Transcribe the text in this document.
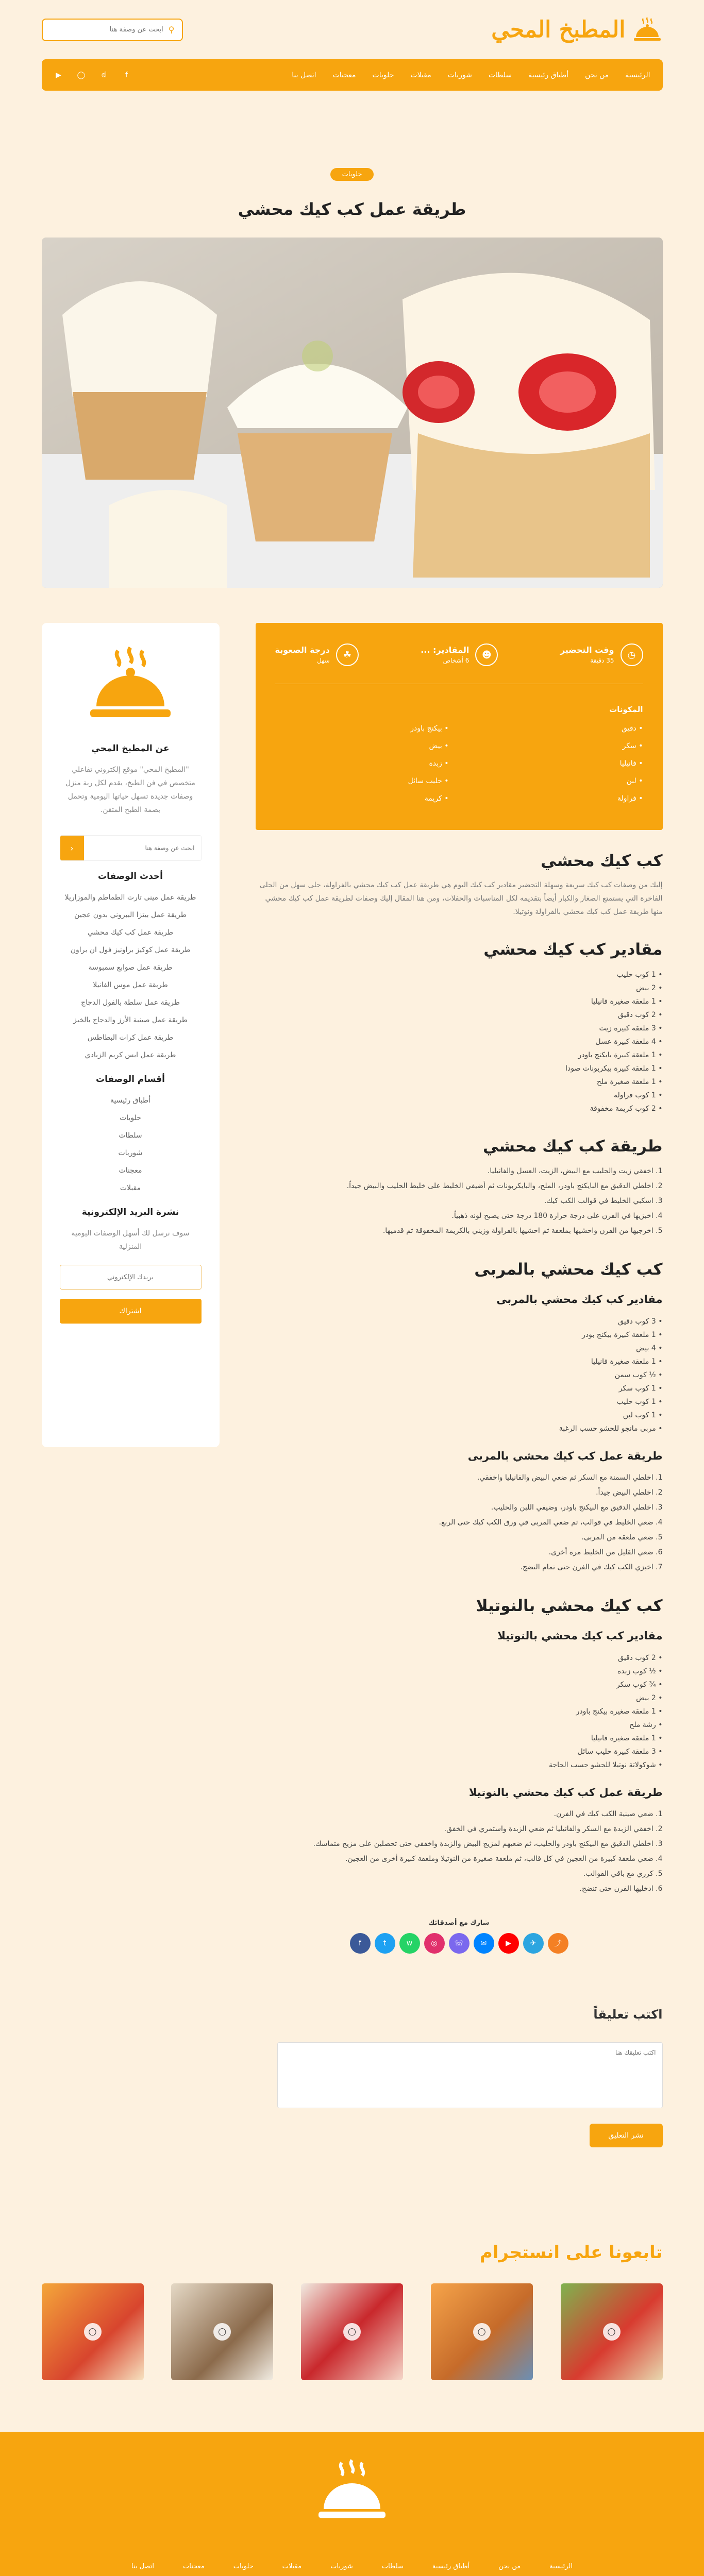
المطبخ المحي
⚲
ابحث عن وصفة هنا
الرئيسية
من نحن
أطباق رئيسية
سلطات
شوربات
مقبلات
حلويات
معجنات
اتصل بنا
f
𝕕
◯
▶
حلويات
طريقة عمل كب كيك محشي
◷
وقت التحضير
35 دقيقة
☻
المقادير: ...
6 أشخاص
☘
درجة الصعوبة
سهل
المكونات
• دقيق
• بيكنج باودر
• سكر
• بيض
• فانيليا
• زبدة
• لبن
• حليب سائل
• فراولة
• كريمة
كب كيك محشي

إليك من وصفات كب كيك سريعة وسهلة التحضير مقادير كب كيك اليوم هي طريقة عمل كب كيك محشي بالفراولة، حلى سهل من الحلى الفاخرة التي يستمتع الصغار والكبار أيضاً بتقديمه لكل المناسبات والحفلات، ومن هنا المقال إليك وصفات لطريقة عمل كب كيك محشي منها طريقة عمل كب كيك محشي بالفراولة ونوتيلا.

مقادير كب كيك محشي
• 1 كوب حليب
• 2 بيض
• 1 ملعقة صغيرة فانيليا
• 2 كوب دقيق
• 3 ملعقة كبيرة زيت
• 4 ملعقة كبيرة عسل
• 1 ملعقة كبيرة بايكنج باودر
• 1 ملعقة كبيرة بيكربونات صودا
• 1 ملعقة صغيرة ملح
• 1 كوب فراولة
• 2 كوب كريمة مخفوقة
طريقة كب كيك محشي
1. اخفقي زيت والحليب مع البيض، الزيت، العسل والفانيليا.
2. اخلطي الدقيق مع البايكنج باودر، الملح، والبايكربونات ثم أضيفي الخليط على خليط الحليب والبيض جيداً.
3. اسكبي الخليط في قوالب الكب كيك.
4. اخبزيها في الفرن على درجة حرارة 180 درجة حتى يصبح لونه ذهبياً.
5. اخرجيها من الفرن واحشيها بملعقة ثم احشيها بالفراولة وزيني بالكريمة المخفوقة ثم قدميها.
كب كيك محشي بالمربى
مقادير كب كيك محشي بالمربى
• 3 كوب دقيق
• 1 ملعقة كبيرة بيكنج بودر
• 4 بيض
• 1 ملعقة صغيرة فانيليا
• ½ كوب سمن
• 1 كوب سكر
• 1 كوب حليب
• 1 كوب لبن
• مربى مانجو للحشو حسب الرغبة
طريقة عمل كب كيك محشي بالمربى
1. اخلطي السمنة مع السكر ثم ضعي البيض والفانيليا واخفقي.
2. اخلطي البيض جيداً.
3. اخلطي الدقيق مع البيكنج باودر، وضيفي اللبن والحليب.
4. ضعي الخليط في قوالب، ثم ضعي المربى في ورق الكب كيك حتى الربع.
5. ضعي ملعقة من المربى.
6. ضعي القليل من الخليط مرة أخرى.
7. اخبزي الكب كيك في الفرن حتى تمام النضج.
كب كيك محشي بالنوتيلا
مقادير كب كيك محشي بالنوتيلا
• 2 كوب دقيق
• ½ كوب زبدة
• ¾ كوب سكر
• 2 بيض
• 1 ملعقة صغيرة بيكنج باودر
• رشة ملح
• 1 ملعقة صغيرة فانيليا
• 3 ملعقة كبيرة حليب سائل
• شوكولاتة نوتيلا للحشو حسب الحاجة
طريقة عمل كب كيك محشي بالنوتيلا
1. ضعي صينية الكب كيك في الفرن.
2. اخفقي الزبدة مع السكر والفانيليا ثم ضعي الزبدة واستمري في الخفق.
3. اخلطي الدقيق مع البيكنج باودر والحليب، ثم ضعيهم لمزيج البيض والزبدة واخفقي حتى تحصلين على مزيج متماسك.
4. ضعي ملعقة كبيرة من العجين في كل قالب، ثم ملعقة صغيرة من النوتيلا وملعقة كبيرة أخرى من العجين.
5. كرري مع باقي القوالب.
6. ادخليها الفرن حتى تنضج.
شارك مع أصدقائك
f	t	w	◎	☏	✉	▶	✈	⤴
اكتب تعليقاً
اكتب تعليقك هنا
نشر التعليق
عن المطبخ المحي

"المطبخ المحي" موقع إلكتروني تفاعلي متخصص في فن الطبخ، يقدم لكل ربة منزل وصفات جديدة تسهل حياتها اليومية وتحمل بصمة الطبخ المتقن.

ابحث عن وصفة هنا
‹
أحدث الوصفات
طريقة عمل مينى تارت الطماطم والموزاريلا
طريقة عمل بيتزا الببروني بدون عجين
طريقة عمل كب كيك محشي
طريقة عمل كوكيز براونيز فول ان براون
طريقة عمل صوابع سمبوسة
طريقة عمل موس الفانيلا
طريقة عمل سلطة بالفول الدجاج
طريقة عمل صينية الأرز والدجاج بالخبز
طريقة عمل كرات البطاطس
طريقة عمل ايس كريم الزبادي
أقسام الوصفات
أطباق رئيسية
حلويات
سلطات
شوربات
معجنات
مقبلات
نشرة البريد الإلكترونية

سوف نرسل لك أسهل الوصفات اليومية المنزلية

بريدك الإلكتروني اشتراك
تابعونا على انستجرام
◯	◯	◯	◯	◯
الرئيسية
من نحن
أطباق رئيسية
سلطات
شوربات
مقبلات
حلويات
معجنات
اتصل بنا
